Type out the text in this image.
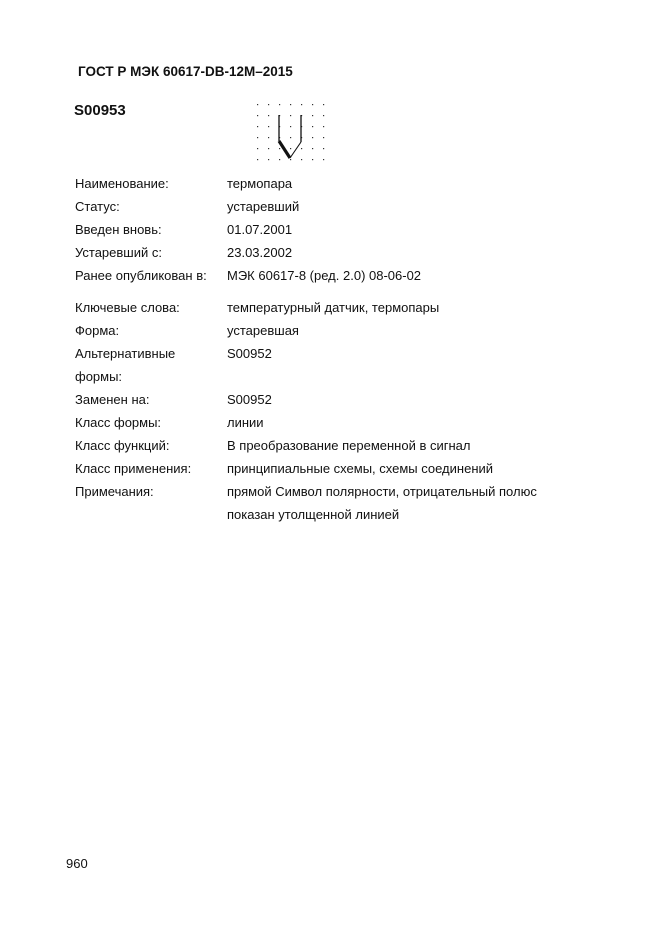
ГОСТ Р МЭК 60617-DB-12M–2015
S00953
Наименование:	термопара
Статус:	устаревший
Введен вновь:	01.07.2001
Устаревший с:	23.03.2002
Ранее опубликован в:	МЭК 60617-8 (ред. 2.0) 08-06-02
Ключевые слова:	температурный датчик, термопары
Форма:	устаревшая
Альтернативные	S00952
формы:
Заменен на:	S00952
Класс формы:	линии
Класс функций:	В преобразование переменной в сигнал
Класс применения:	принципиальные схемы, схемы соединений
Примечания:	прямой Символ полярности, отрицательный полюс
показан утолщенной линией
960
